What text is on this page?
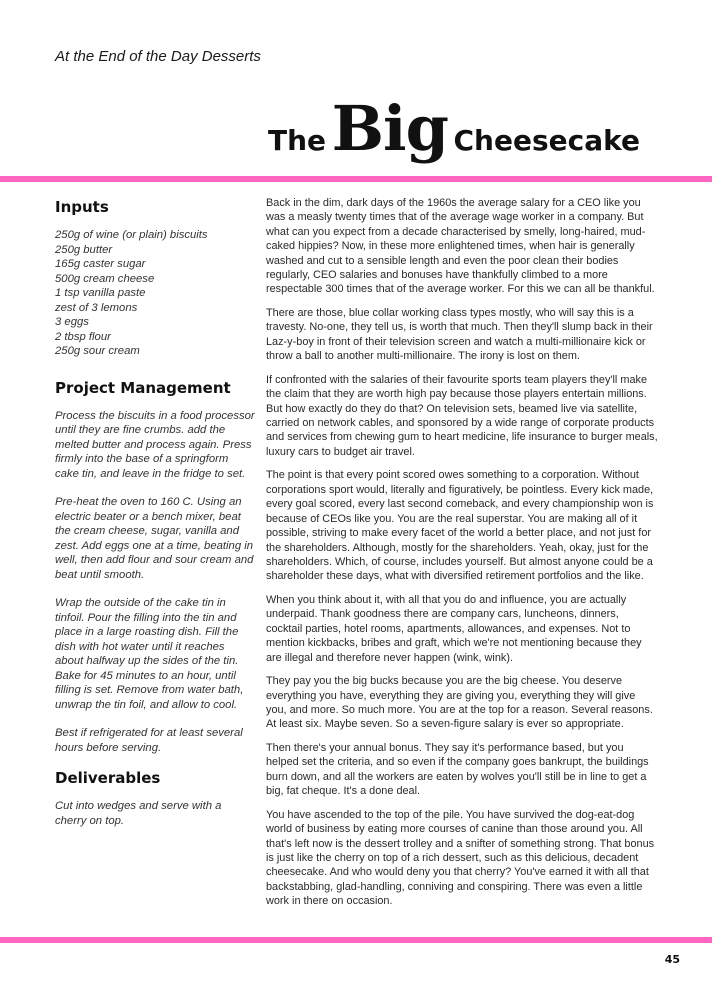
At the End of the Day Desserts
The Big Cheesecake
Inputs
250g of wine (or plain) biscuits
250g butter
165g caster sugar
500g cream cheese
1 tsp vanilla paste
zest of 3 lemons
3 eggs
2 tbsp flour
250g sour cream
Project Management

Process the biscuits in a food processor until they are fine crumbs. add the melted butter and process again. Press firmly into the base of a springform cake tin, and leave in the fridge to set.

Pre-heat the oven to 160 C. Using an electric beater or a bench mixer, beat the cream cheese, sugar, vanilla and zest. Add eggs one at a time, beating in well, then add flour and sour cream and beat until smooth.

Wrap the outside of the cake tin in tinfoil. Pour the filling into the tin and place in a large roasting dish. Fill the dish with hot water until it reaches about halfway up the sides of the tin. Bake for 45 minutes to an hour, until filling is set. Remove from water bath, unwrap the tin foil, and allow to cool.

Best if refrigerated for at least several hours before serving.

Deliverables

Cut into wedges and serve with a cherry on top.

Back in the dim, dark days of the 1960s the average salary for a CEO like you was a measly twenty times that of the average wage worker in a company. But what can you expect from a decade characterised by smelly, long-haired, mud-caked hippies? Now, in these more enlightened times, when hair is generally washed and cut to a sensible length and even the poor clean their bodies regularly, CEO salaries and bonuses have thankfully climbed to a more respectable 300 times that of the average worker. For this we can all be thankful.

There are those, blue collar working class types mostly, who will say this is a travesty. No-one, they tell us, is worth that much. Then they'll slump back in their Laz-y-boy in front of their television screen and watch a multi-millionaire kick or throw a ball to another multi-millionaire. The irony is lost on them.

If confronted with the salaries of their favourite sports team players they'll make the claim that they are worth high pay because those players entertain millions. But how exactly do they do that? On television sets, beamed live via satellite, carried on network cables, and sponsored by a wide range of corporate products and services from chewing gum to heart medicine, life insurance to burger meals, luxury cars to budget air travel.

The point is that every point scored owes something to a corporation. Without corporations sport would, literally and figuratively, be pointless. Every kick made, every goal scored, every last second comeback, and every championship won is because of CEOs like you. You are the real superstar. You are making all of it possible, striving to make every facet of the world a better place, and not just for the shareholders. Although, mostly for the shareholders. Yeah, okay, just for the shareholders. Which, of course, includes yourself. But almost anyone could be a shareholder these days, what with diversified retirement portfolios and the like.

When you think about it, with all that you do and influence, you are actually underpaid. Thank goodness there are company cars, luncheons, dinners, cocktail parties, hotel rooms, apartments, allowances, and expenses. Not to mention kickbacks, bribes and graft, which we're not mentioning because they are illegal and therefore never happen (wink, wink).

They pay you the big bucks because you are the big cheese. You deserve everything you have, everything they are giving you, everything they will give you, and more. So much more. You are at the top for a reason. Several reasons. At least six. Maybe seven. So a seven-figure salary is ever so appropriate.

Then there's your annual bonus. They say it's performance based, but you helped set the criteria, and so even if the company goes bankrupt, the buildings burn down, and all the workers are eaten by wolves you'll still be in line to get a big, fat cheque. It's a done deal.

You have ascended to the top of the pile. You have survived the dog-eat-dog world of business by eating more courses of canine than those around you. All that's left now is the dessert trolley and a snifter of something strong. That bonus is just like the cherry on top of a rich dessert, such as this delicious, decadent cheesecake. And who would deny you that cherry? You've earned it with all that backstabbing, glad-handling, conniving and conspiring. There was even a little work in there on occasion.

45
